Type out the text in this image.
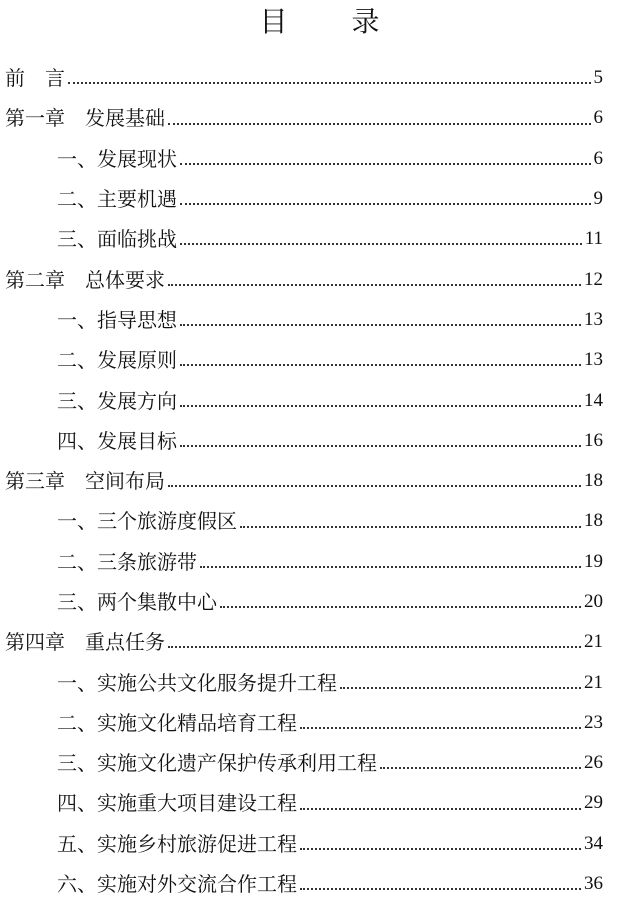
目　录
前　言	5
第一章 发展基础	6
一、发展现状	6
二、主要机遇	9
三、面临挑战	11
第二章 总体要求	12
一、指导思想	13
二、发展原则	13
三、发展方向	14
四、发展目标	16
第三章 空间布局	18
一、三个旅游度假区	18
二、三条旅游带	19
三、两个集散中心	20
第四章 重点任务	21
一、实施公共文化服务提升工程	21
二、实施文化精品培育工程	23
三、实施文化遗产保护传承利用工程	26
四、实施重大项目建设工程	29
五、实施乡村旅游促进工程	34
六、实施对外交流合作工程	36
